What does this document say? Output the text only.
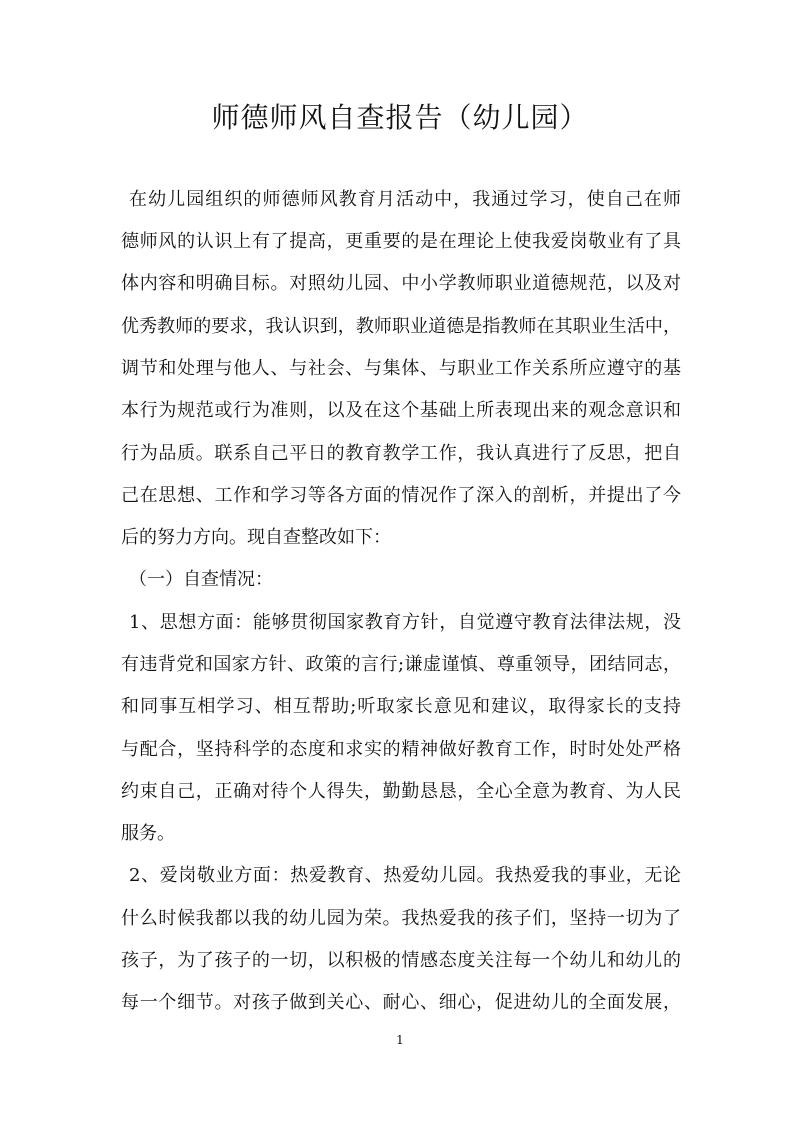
师德师风自查报告（幼儿园）
在幼儿园组织的师德师风教育月活动中，我通过学习，使自己在师
德师风的认识上有了提高，更重要的是在理论上使我爱岗敬业有了具
体内容和明确目标。对照幼儿园、中小学教师职业道德规范，以及对
优秀教师的要求，我认识到，教师职业道德是指教师在其职业生活中，
调节和处理与他人、与社会、与集体、与职业工作关系所应遵守的基
本行为规范或行为准则，以及在这个基础上所表现出来的观念意识和
行为品质。联系自己平日的教育教学工作，我认真进行了反思，把自
己在思想、工作和学习等各方面的情况作了深入的剖析，并提出了今
后的努力方向。现自查整改如下：
（一）自查情况：
1、思想方面：能够贯彻国家教育方针，自觉遵守教育法律法规，没
有违背党和国家方针、政策的言行;谦虚谨慎、尊重领导，团结同志，
和同事互相学习、相互帮助;听取家长意见和建议，取得家长的支持
与配合，坚持科学的态度和求实的精神做好教育工作，时时处处严格
约束自己，正确对待个人得失，勤勤恳恳，全心全意为教育、为人民
服务。
2、爱岗敬业方面：热爱教育、热爱幼儿园。我热爱我的事业，无论
什么时候我都以我的幼儿园为荣。我热爱我的孩子们，坚持一切为了
孩子，为了孩子的一切，以积极的情感态度关注每一个幼儿和幼儿的
每一个细节。对孩子做到关心、耐心、细心，促进幼儿的全面发展，
1
